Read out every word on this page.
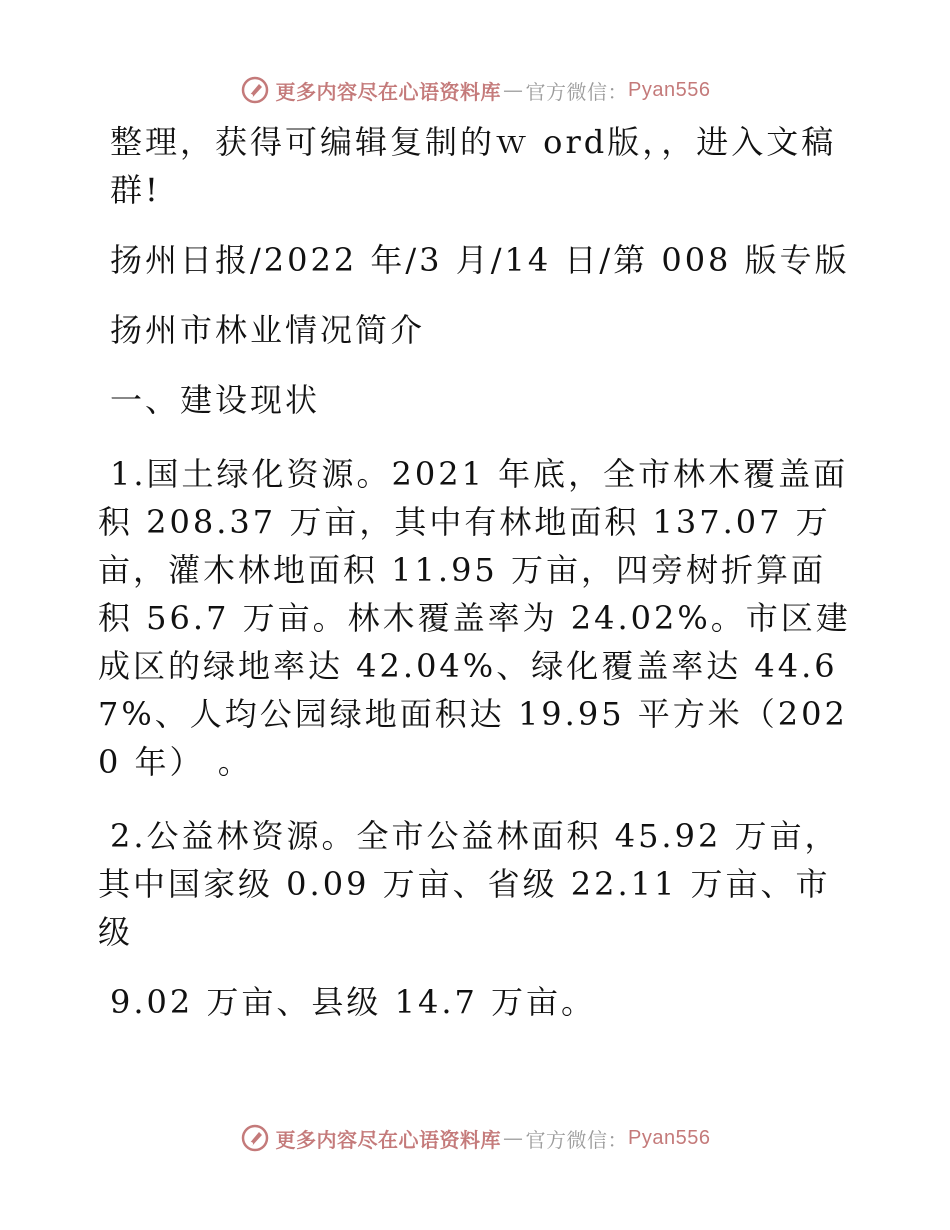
更多内容尽在心语资料库 — 官方微信： Pyan556

整理，获得可编辑复制的ｗ ord版，，进入文稿群!

扬州日报/2022 年/3 月/14 日/第 008 版专版

扬州市林业情况简介

一、建设现状

1.国土绿化资源。2021 年底，全市林木覆盖面积 208.37 万亩，其中有林地面积 137.07 万亩，灌木林地面积 11.95 万亩，四旁树折算面积 56.7 万亩。林木覆盖率为 24.02%。市区建成区的绿地率达 42.04%、绿化覆盖率达 44.67%、人均公园绿地面积达 19.95 平方米（2020 年） 。

2.公益林资源。全市公益林面积 45.92 万亩，其中国家级 0.09 万亩、省级 22.11 万亩、市级

9.02 万亩、县级 14.7 万亩。

更多内容尽在心语资料库 — 官方微信： Pyan556
